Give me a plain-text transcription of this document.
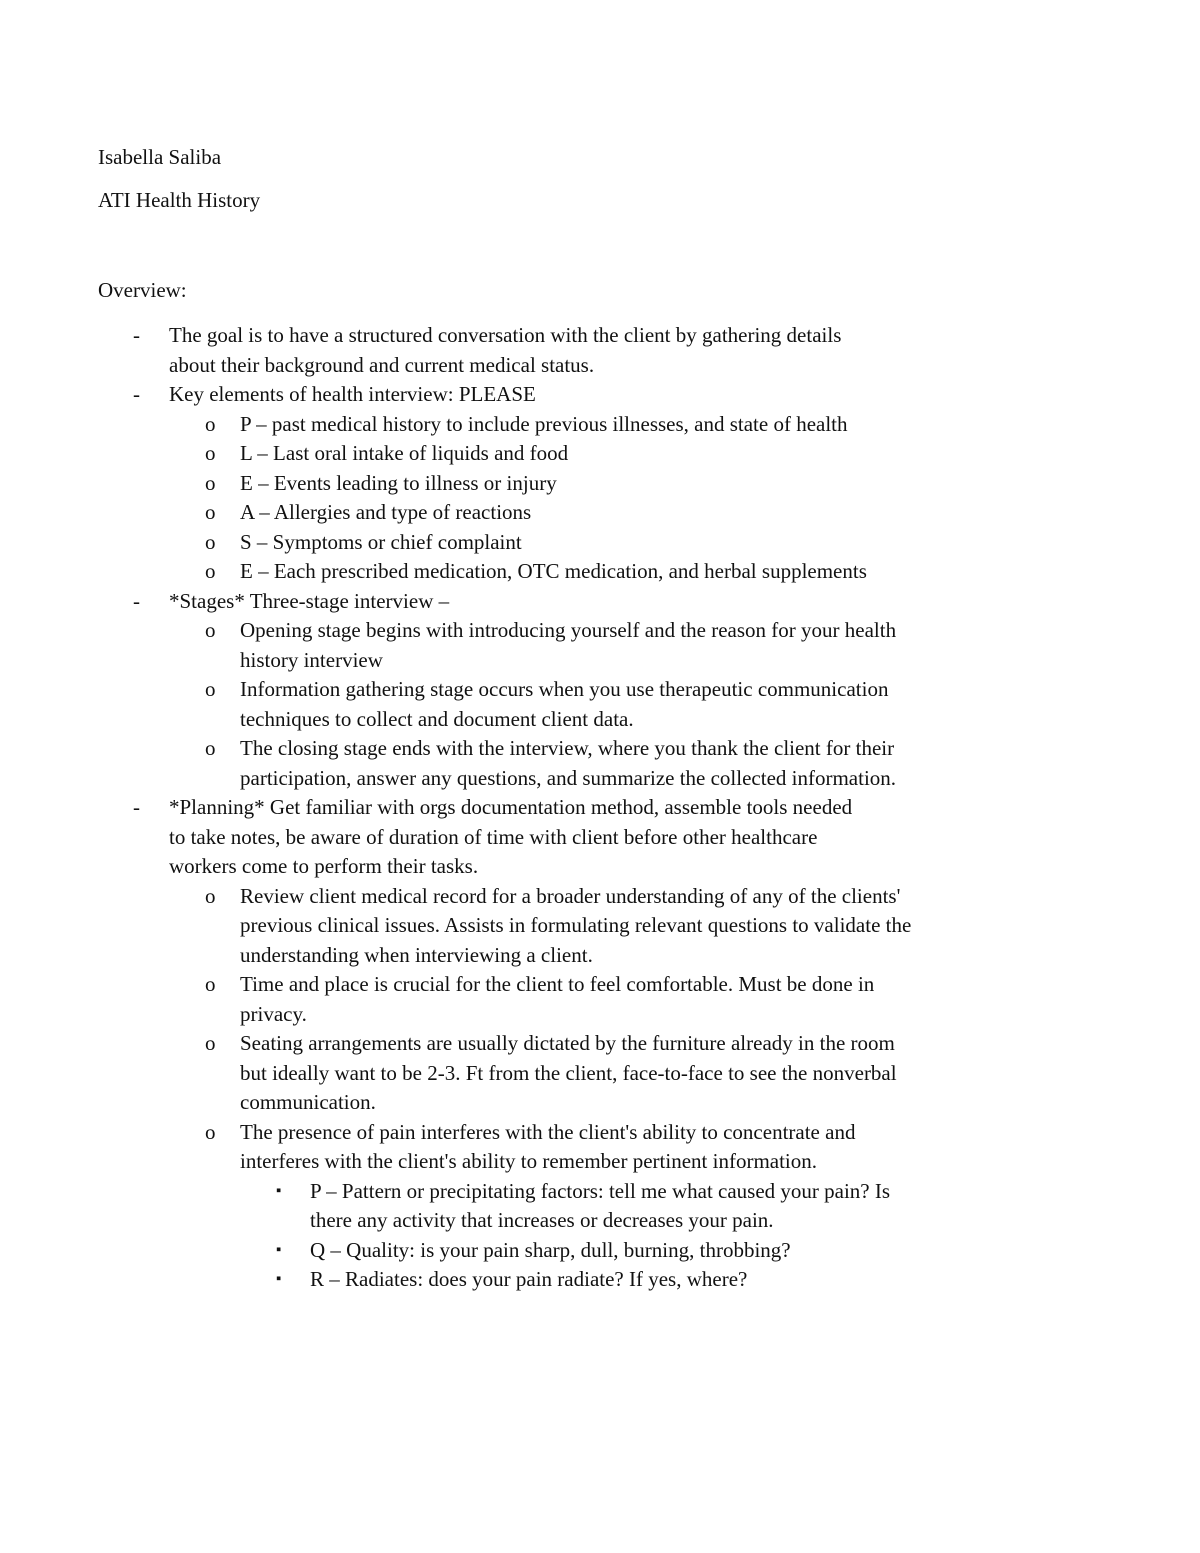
Isabella Saliba

ATI Health History

Overview:

- The goal is to have a structured conversation with the client by gathering details about their background and current medical status.
- Key elements of health interview: PLEASE
o P – past medical history to include previous illnesses, and state of health
o L – Last oral intake of liquids and food
o E – Events leading to illness or injury
o A – Allergies and type of reactions
o S – Symptoms or chief complaint
o E – Each prescribed medication, OTC medication, and herbal supplements
- *Stages* Three-stage interview –
o Opening stage begins with introducing yourself and the reason for your health history interview
o Information gathering stage occurs when you use therapeutic communication techniques to collect and document client data.
o The closing stage ends with the interview, where you thank the client for their participation, answer any questions, and summarize the collected information.
- *Planning* Get familiar with orgs documentation method, assemble tools needed to take notes, be aware of duration of time with client before other healthcare workers come to perform their tasks.
o Review client medical record for a broader understanding of any of the clients' previous clinical issues. Assists in formulating relevant questions to validate the understanding when interviewing a client.
o Time and place is crucial for the client to feel comfortable. Must be done in privacy.
o Seating arrangements are usually dictated by the furniture already in the room but ideally want to be 2-3. Ft from the client, face-to-face to see the nonverbal communication.
o The presence of pain interferes with the client's ability to concentrate and interferes with the client's ability to remember pertinent information.
▪ P – Pattern or precipitating factors: tell me what caused your pain? Is there any activity that increases or decreases your pain.
▪ Q – Quality: is your pain sharp, dull, burning, throbbing?
▪ R – Radiates: does your pain radiate? If yes, where?
